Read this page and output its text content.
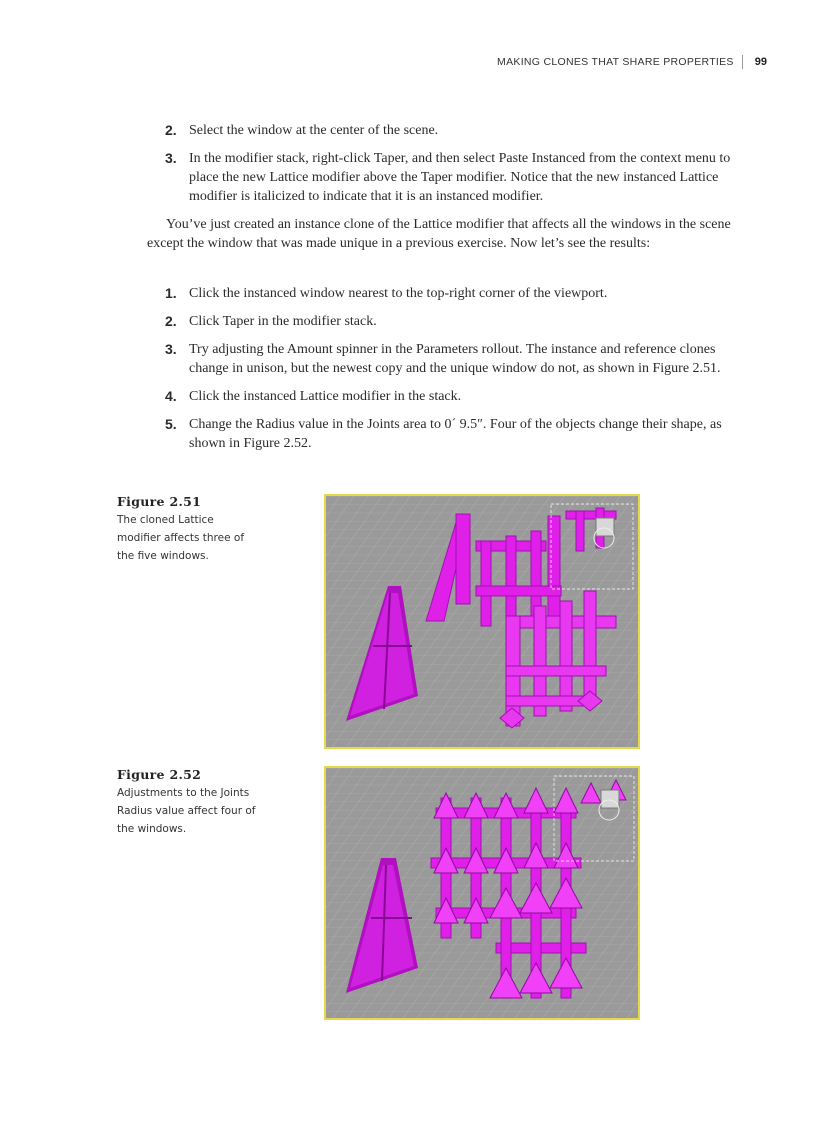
MAKING CLONES THAT SHARE PROPERTIES	99
2. Select the window at the center of the scene.
3. In the modifier stack, right-click Taper, and then select Paste Instanced from the context menu to place the new Lattice modifier above the Taper modifier. Notice that the new instanced Lattice modifier is italicized to indicate that it is an instanced modifier.

You’ve just created an instance clone of the Lattice modifier that affects all the windows in the scene except the window that was made unique in a previous exercise. Now let’s see the results:

1. Click the instanced window nearest to the top-right corner of the viewport.
2. Click Taper in the modifier stack.
3. Try adjusting the Amount spinner in the Parameters rollout. The instance and reference clones change in unison, but the newest copy and the unique window do not, as shown in Figure 2.51.
4. Click the instanced Lattice modifier in the stack.
5. Change the Radius value in the Joints area to 0´ 9.5″. Four of the objects change their shape, as shown in Figure 2.52.
Figure 2.51
The cloned Lattice modifier affects three of the five windows.
Figure 2.52
Adjustments to the Joints Radius value affect four of the windows.
